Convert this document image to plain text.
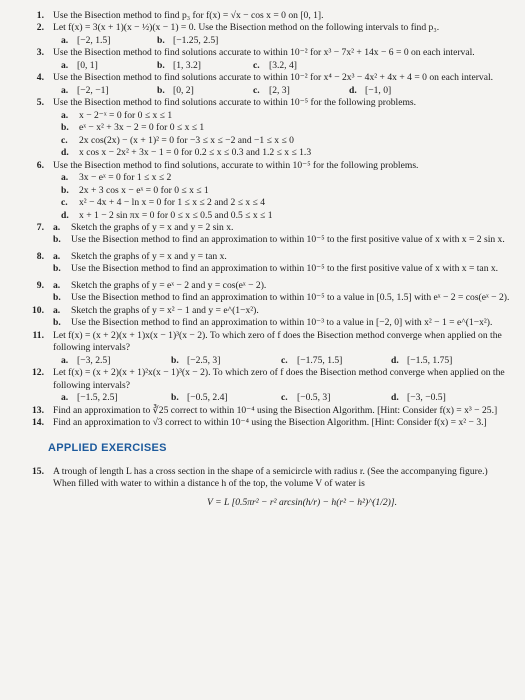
1. Use the Bisection method to find p₃ for f(x) = √x − cos x = 0 on [0, 1].
2. Let f(x) = 3(x + 1)(x − ½)(x − 1) = 0. Use the Bisection method on the following intervals to find p₃.
a. [−2, 1.5]	b. [−1.25, 2.5]
3. Use the Bisection method to find solutions accurate to within 10⁻² for x³ − 7x² + 14x − 6 = 0 on each interval.
a. [0, 1]	b. [1, 3.2]	c. [3.2, 4]
4. Use the Bisection method to find solutions accurate to within 10⁻² for x⁴ − 2x³ − 4x² + 4x + 4 = 0 on each interval.
a. [−2, −1]	b. [0, 2]	c. [2, 3]	d. [−1, 0]
5. Use the Bisection method to find solutions accurate to within 10⁻⁵ for the following problems.
a.	x − 2⁻ˣ = 0 for 0 ≤ x ≤ 1
b.	eˣ − x² + 3x − 2 = 0 for 0 ≤ x ≤ 1
c.	2x cos(2x) − (x + 1)² = 0 for −3 ≤ x ≤ −2 and −1 ≤ x ≤ 0
d.	x cos x − 2x² + 3x − 1 = 0 for 0.2 ≤ x ≤ 0.3 and 1.2 ≤ x ≤ 1.3
6. Use the Bisection method to find solutions, accurate to within 10⁻⁵ for the following problems.
a.	3x − eˣ = 0 for 1 ≤ x ≤ 2
b.	2x + 3 cos x − eˣ = 0 for 0 ≤ x ≤ 1
c.	x² − 4x + 4 − ln x = 0 for 1 ≤ x ≤ 2 and 2 ≤ x ≤ 4
d.	x + 1 − 2 sin πx = 0 for 0 ≤ x ≤ 0.5 and 0.5 ≤ x ≤ 1
7. a.	Sketch the graphs of y = x and y = 2 sin x.
b.	Use the Bisection method to find an approximation to within 10⁻⁵ to the first positive value of x with x = 2 sin x.
8. a.	Sketch the graphs of y = x and y = tan x.
b.	Use the Bisection method to find an approximation to within 10⁻⁵ to the first positive value of x with x = tan x.
9. a.	Sketch the graphs of y = eˣ − 2 and y = cos(eˣ − 2).
b.	Use the Bisection method to find an approximation to within 10⁻⁵ to a value in [0.5, 1.5] with eˣ − 2 = cos(eˣ − 2).
10. a.	Sketch the graphs of y = x² − 1 and y = e^(1−x²).
b.	Use the Bisection method to find an approximation to within 10⁻³ to a value in [−2, 0] with x² − 1 = e^(1−x²).
11. Let f(x) = (x + 2)(x + 1)x(x − 1)³(x − 2). To which zero of f does the Bisection method converge when applied on the following intervals?
a. [−3, 2.5]	b. [−2.5, 3]	c. [−1.75, 1.5]	d. [−1.5, 1.75]
12. Let f(x) = (x + 2)(x + 1)²x(x − 1)³(x − 2). To which zero of f does the Bisection method converge when applied on the following intervals?
a. [−1.5, 2.5]	b. [−0.5, 2.4]	c. [−0.5, 3]	d. [−3, −0.5]
13. Find an approximation to ∛25 correct to within 10⁻⁴ using the Bisection Algorithm. [Hint: Consider f(x) = x³ − 25.]
14. Find an approximation to √3 correct to within 10⁻⁴ using the Bisection Algorithm. [Hint: Consider f(x) = x² − 3.]
APPLIED EXERCISES
15. A trough of length L has a cross section in the shape of a semicircle with radius r. (See the accompanying figure.) When filled with water to within a distance h of the top, the volume V of water is
V = L [0.5πr² − r² arcsin(h/r) − h(r² − h²)^(1/2)].
